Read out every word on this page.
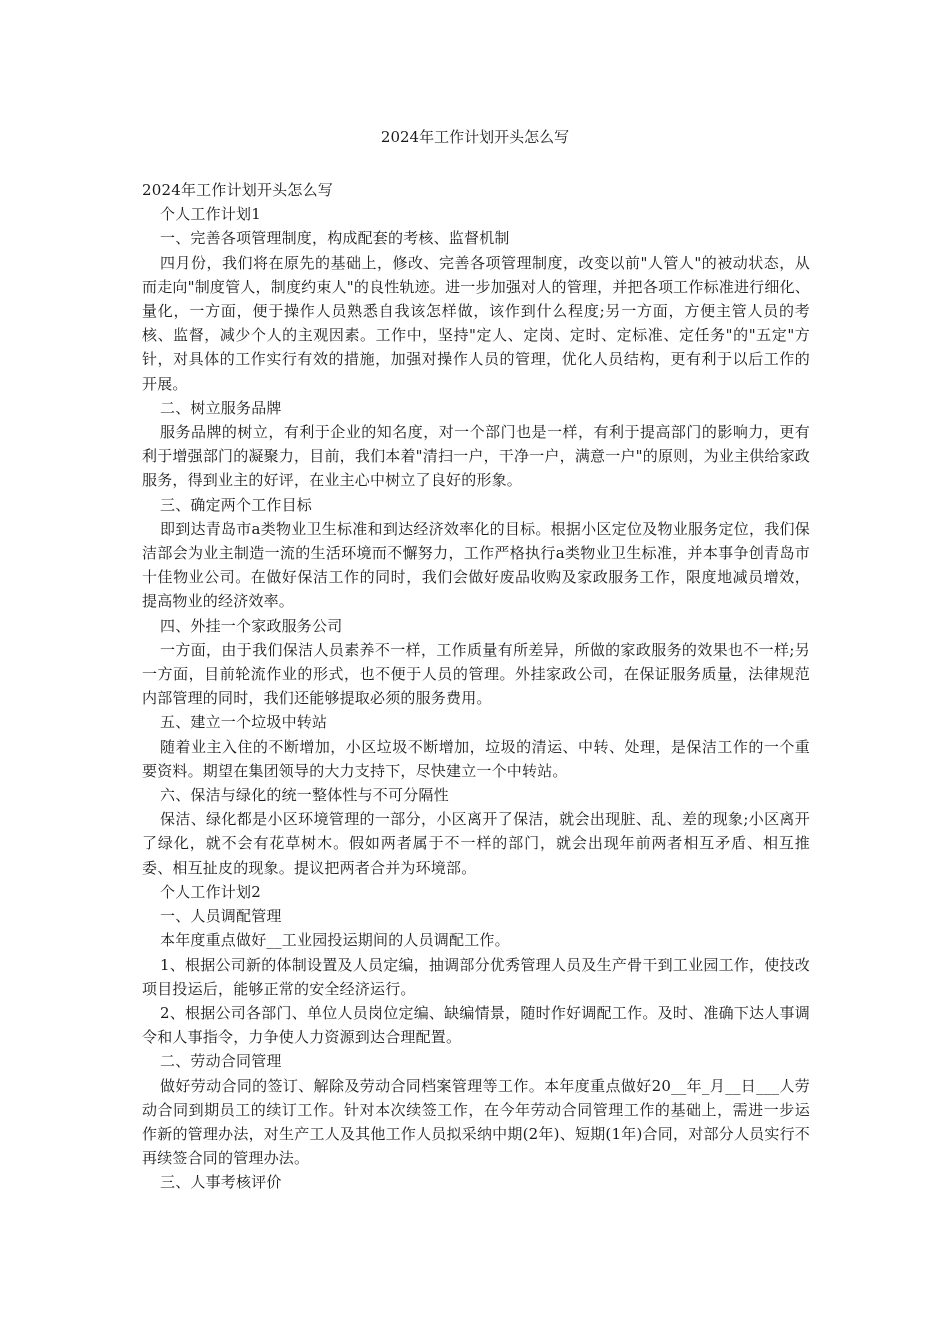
2024年工作计划开头怎么写

2024年工作计划开头怎么写

个人工作计划1

一、完善各项管理制度，构成配套的考核、监督机制

四月份，我们将在原先的基础上，修改、完善各项管理制度，改变以前"人管人"的被动状态，从而走向"制度管人，制度约束人"的良性轨迹。进一步加强对人的管理，并把各项工作标准进行细化、量化，一方面，便于操作人员熟悉自我该怎样做，该作到什么程度;另一方面，方便主管人员的考核、监督，减少个人的主观因素。工作中，坚持"定人、定岗、定时、定标准、定任务"的"五定"方针，对具体的工作实行有效的措施，加强对操作人员的管理，优化人员结构，更有利于以后工作的开展。

二、树立服务品牌

服务品牌的树立，有利于企业的知名度，对一个部门也是一样，有利于提高部门的影响力，更有利于增强部门的凝聚力，目前，我们本着"清扫一户，干净一户，满意一户"的原则，为业主供给家政服务，得到业主的好评，在业主心中树立了良好的形象。

三、确定两个工作目标

即到达青岛市a类物业卫生标准和到达经济效率化的目标。根据小区定位及物业服务定位，我们保洁部会为业主制造一流的生活环境而不懈努力，工作严格执行a类物业卫生标准，并本事争创青岛市十佳物业公司。在做好保洁工作的同时，我们会做好废品收购及家政服务工作，限度地减员增效，提高物业的经济效率。

四、外挂一个家政服务公司

一方面，由于我们保洁人员素养不一样，工作质量有所差异，所做的家政服务的效果也不一样;另一方面，目前轮流作业的形式，也不便于人员的管理。外挂家政公司，在保证服务质量，法律规范内部管理的同时，我们还能够提取必须的服务费用。

五、建立一个垃圾中转站

随着业主入住的不断增加，小区垃圾不断增加，垃圾的清运、中转、处理，是保洁工作的一个重要资料。期望在集团领导的大力支持下，尽快建立一个中转站。

六、保洁与绿化的统一整体性与不可分隔性

保洁、绿化都是小区环境管理的一部分，小区离开了保洁，就会出现脏、乱、差的现象;小区离开了绿化，就不会有花草树木。假如两者属于不一样的部门，就会出现年前两者相互矛盾、相互推委、相互扯皮的现象。提议把两者合并为环境部。

个人工作计划2

一、人员调配管理

本年度重点做好__工业园投运期间的人员调配工作。

1、根据公司新的体制设置及人员定编，抽调部分优秀管理人员及生产骨干到工业园工作，使技改项目投运后，能够正常的安全经济运行。

2、根据公司各部门、单位人员岗位定编、缺编情景，随时作好调配工作。及时、准确下达人事调令和人事指令，力争使人力资源到达合理配置。

二、劳动合同管理

做好劳动合同的签订、解除及劳动合同档案管理等工作。本年度重点做好20__年_月__日___人劳动合同到期员工的续订工作。针对本次续签工作，在今年劳动合同管理工作的基础上，需进一步运作新的管理办法，对生产工人及其他工作人员拟采纳中期(2年)、短期(1年)合同，对部分人员实行不再续签合同的管理办法。

三、人事考核评价
